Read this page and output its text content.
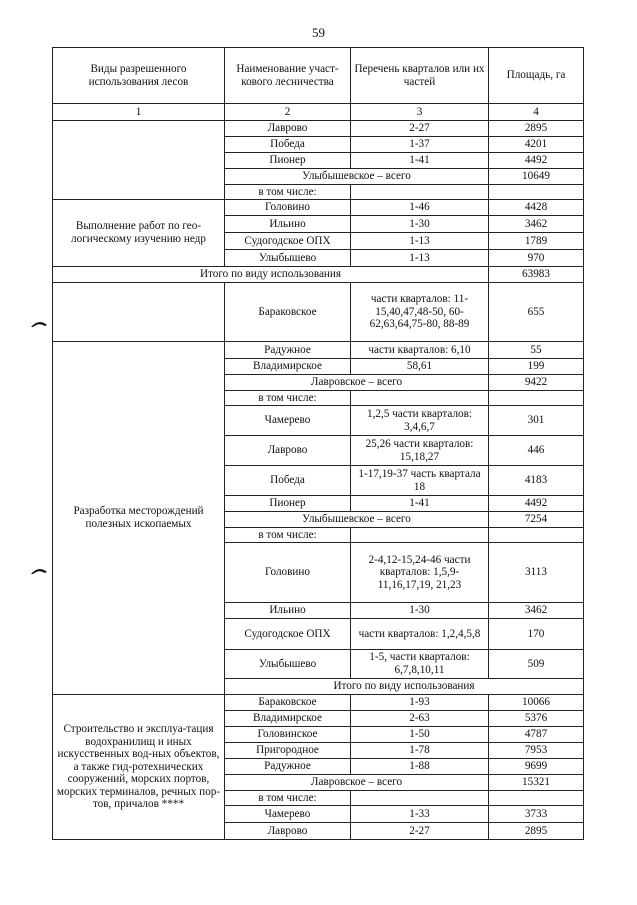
59
Виды разрешенного использования лесов	Наименование участ-кового лесничества	Перечень кварталов или их частей	Площадь, га	
1	2	3	4	
	Лаврово	2-27	2895	
	Победа	1-37	4201	
	Пионер	1-41	4492	
	Улыбышевское – всего		10649	
	в том числе:			
Выполнение работ по гео-логическому изучению недр	Головино	1-46	4428	
	Ильино	1-30	3462	
	Судогодское ОПХ	1-13	1789	
	Улыбышево	1-13	970	
Итого по виду использования			63983	
	Бараковское	части кварталов: 11-15,40,47,48-50, 60-62,63,64,75-80, 88-89	655	
Разработка месторождений полезных ископаемых	Радужное	части кварталов: 6,10	55	
	Владимирское	58,61	199	
	Лавровское – всего		9422	
	в том числе:			
	Чамерево	1,2,5 части кварталов: 3,4,6,7	301	
	Лаврово	25,26 части кварталов: 15,18,27	446	
	Победа	1-17,19-37 часть квартала 18	4183	
	Пионер	1-41	4492	
	Улыбышевское – всего		7254	
	в том числе:			
	Головино	2-4,12-15,24-46 части кварталов: 1,5,9-11,16,17,19, 21,23	3113	
	Ильино	1-30	3462	
	Судогодское ОПХ	части кварталов: 1,2,4,5,8	170	
	Улыбышево	1-5, части кварталов: 6,7,8,10,11	509	
	Итого по виду использования	
Строительство и эксплуа-тация водохранилищ и иных искусственных вод-ных объектов, а также гид-ротехнических сооружений, морских портов, морских терминалов, речных пор-тов, причалов ****	Бараковское	1-93	10066	
	Владимирское	2-63	5376	
	Головинское	1-50	4787	
	Пригородное	1-78	7953	
	Радужное	1-88	9699	
	Лавровское – всего		15321	
	в том числе:			
	Чамерево	1-33	3733	
	Лаврово	2-27	2895	
